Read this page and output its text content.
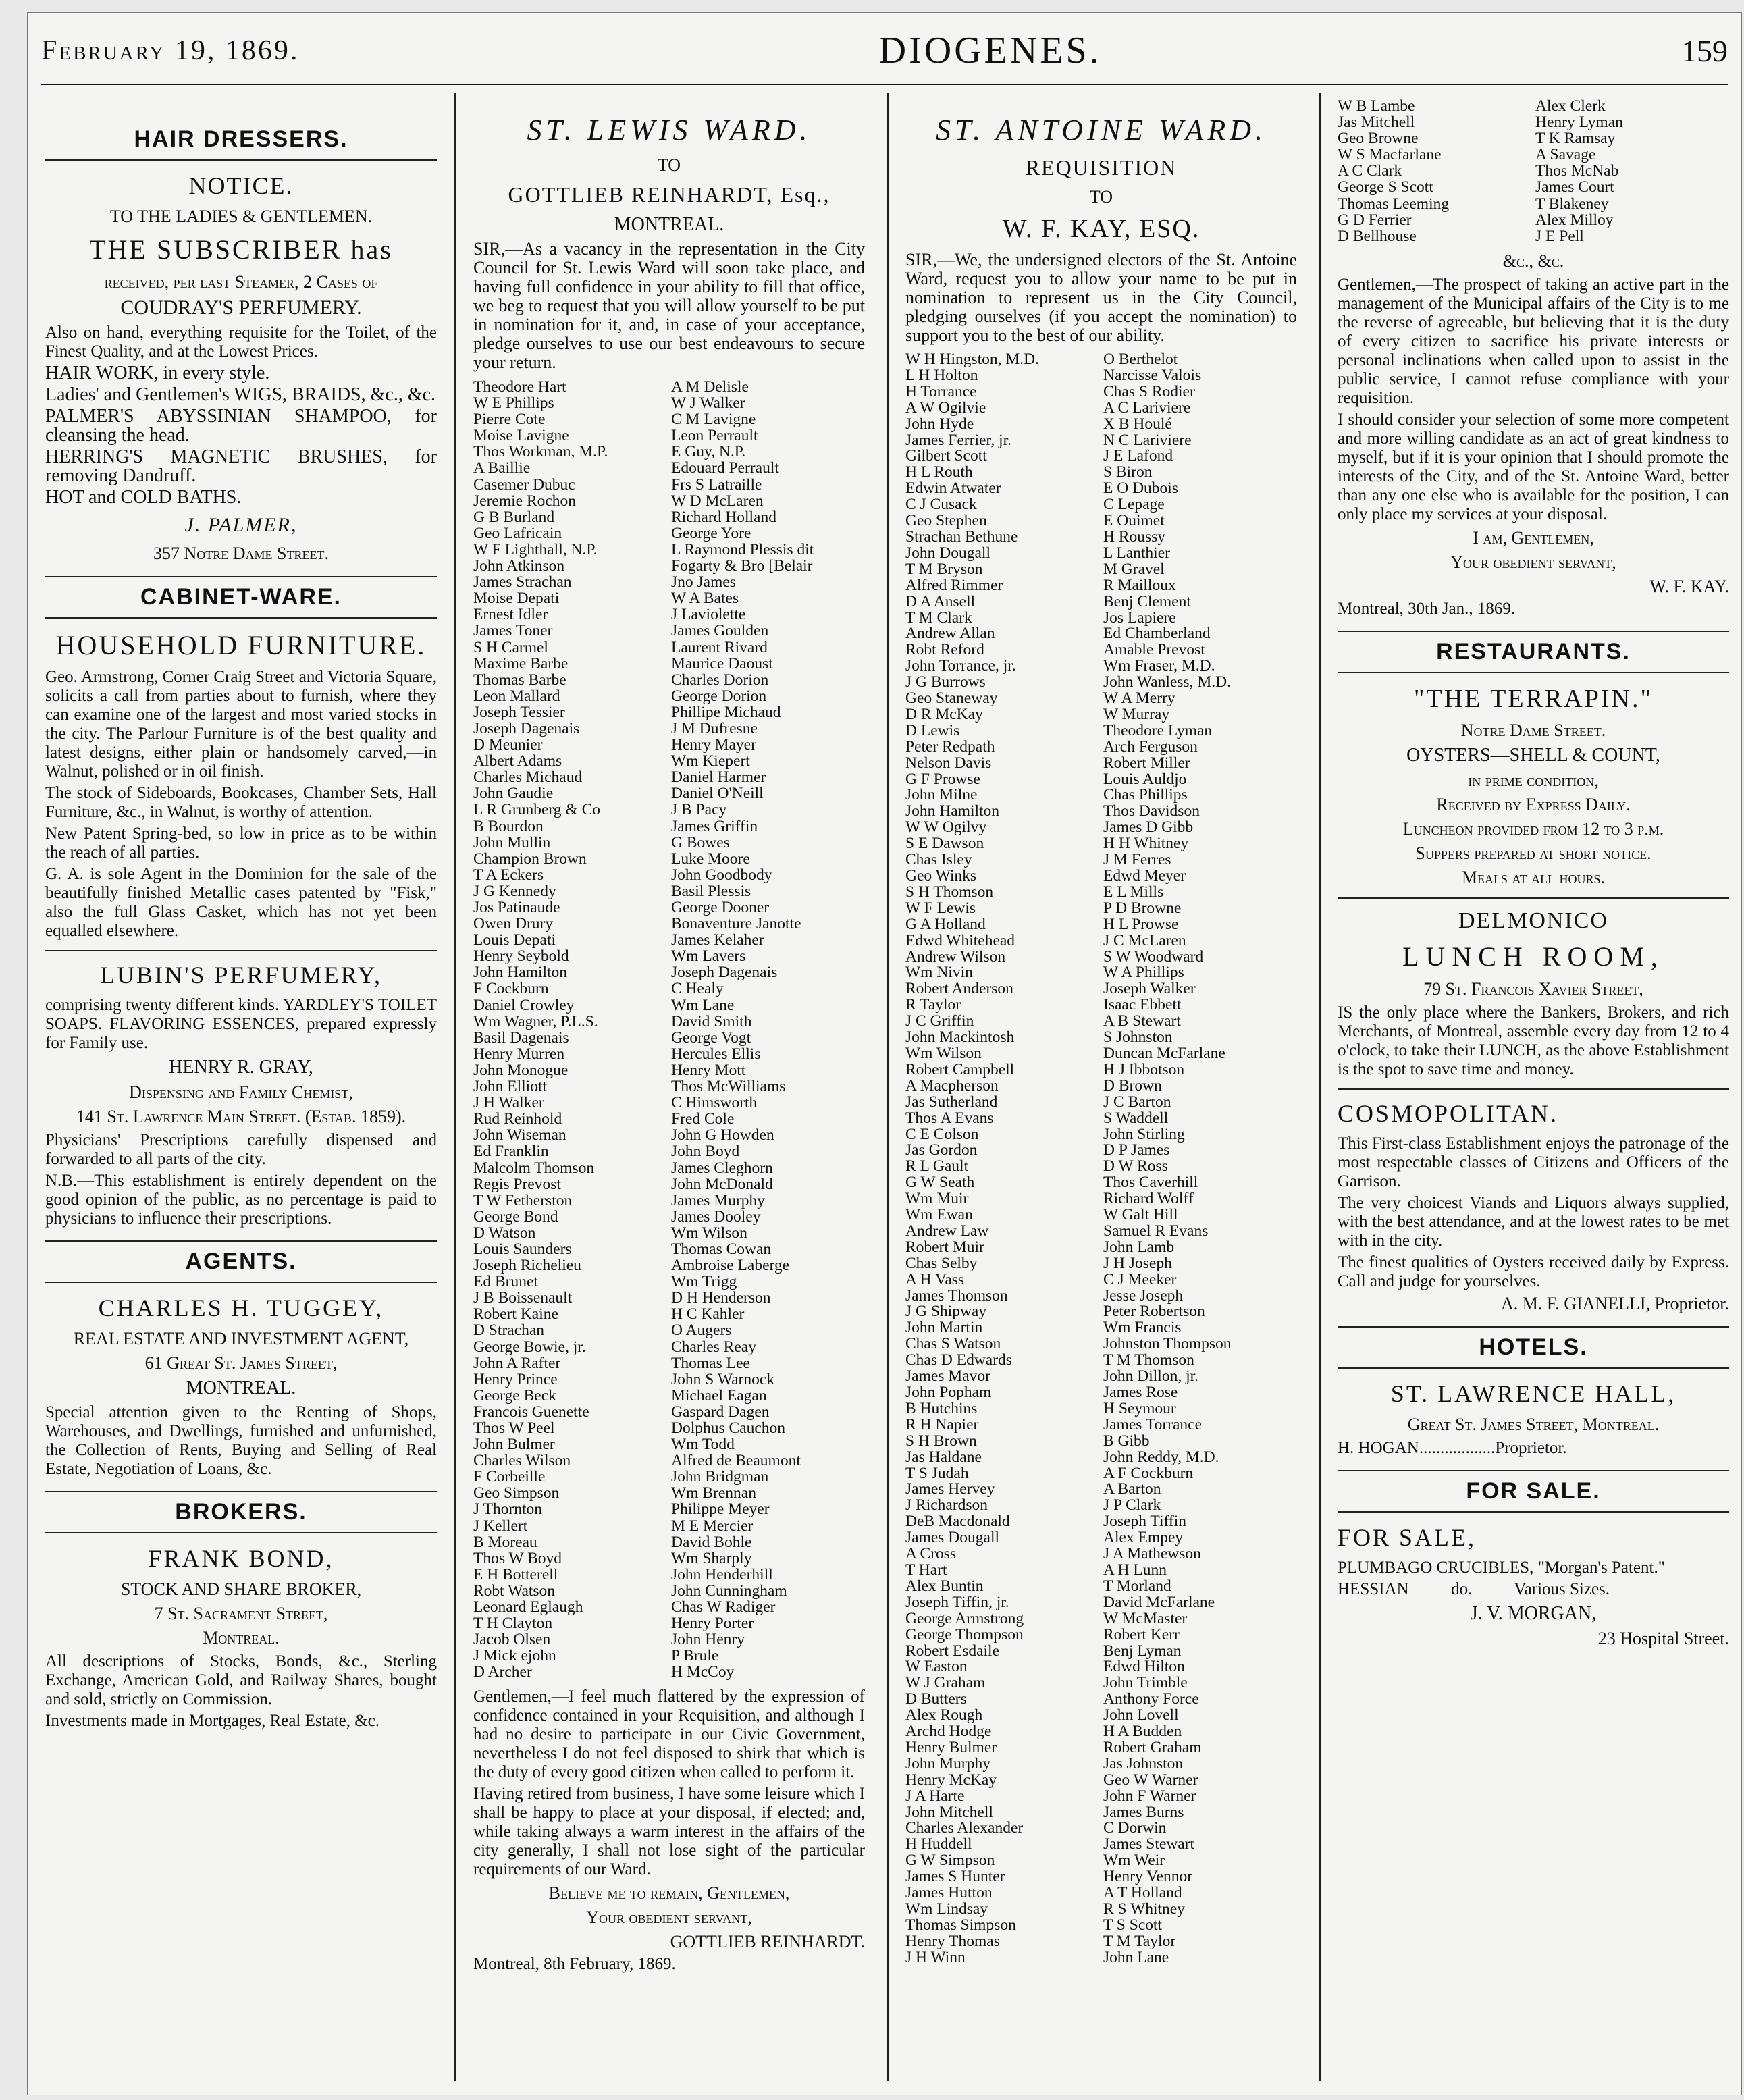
February 19, 1869.	DIOGENES.	159
HAIR DRESSERS.
NOTICE.
TO THE LADIES & GENTLEMEN.
THE SUBSCRIBER has
received, per last Steamer, 2 Cases of
COUDRAY'S PERFUMERY.
Also on hand, everything requisite for the Toilet, of the Finest Quality, and at the Lowest Prices.
HAIR WORK, in every style.
Ladies' and Gentlemen's WIGS, BRAIDS, &c., &c.
PALMER'S ABYSSINIAN SHAMPOO, for cleansing the head.
HERRING'S MAGNETIC BRUSHES, for removing Dandruff.
HOT and COLD BATHS.
J. PALMER,
357 Notre Dame Street.
CABINET-WARE.
HOUSEHOLD FURNITURE.
Geo. Armstrong, Corner Craig Street and Victoria Square, solicits a call from parties about to furnish, where they can examine one of the largest and most varied stocks in the city. The Parlour Furniture is of the best quality and latest designs, either plain or handsomely carved,—in Walnut, polished or in oil finish.
The stock of Sideboards, Bookcases, Chamber Sets, Hall Furniture, &c., in Walnut, is worthy of attention.
New Patent Spring-bed, so low in price as to be within the reach of all parties.
G. A. is sole Agent in the Dominion for the sale of the beautifully finished Metallic cases patented by "Fisk," also the full Glass Casket, which has not yet been equalled elsewhere.
LUBIN'S PERFUMERY,
comprising twenty different kinds. YARDLEY'S TOILET SOAPS. FLAVORING ESSENCES, prepared expressly for Family use.
HENRY R. GRAY,
Dispensing and Family Chemist,
141 St. Lawrence Main Street. (Estab. 1859).
Physicians' Prescriptions carefully dispensed and forwarded to all parts of the city.
N.B.—This establishment is entirely dependent on the good opinion of the public, as no percentage is paid to physicians to influence their prescriptions.
AGENTS.
CHARLES H. TUGGEY,
REAL ESTATE AND INVESTMENT AGENT,
61 Great St. James Street,
MONTREAL.
Special attention given to the Renting of Shops, Warehouses, and Dwellings, furnished and unfurnished, the Collection of Rents, Buying and Selling of Real Estate, Negotiation of Loans, &c.
BROKERS.
FRANK BOND,
STOCK AND SHARE BROKER,
7 St. Sacrament Street,
Montreal.
All descriptions of Stocks, Bonds, &c., Sterling Exchange, American Gold, and Railway Shares, bought and sold, strictly on Commission.
Investments made in Mortgages, Real Estate, &c.
ST. LEWIS WARD.
TO
GOTTLIEB REINHARDT, Esq.,
MONTREAL.
SIR,—As a vacancy in the representation in the City Council for St. Lewis Ward will soon take place, and having full confidence in your ability to fill that office, we beg to request that you will allow yourself to be put in nomination for it, and, in case of your acceptance, pledge ourselves to use our best endeavours to secure your return.
Theodore Hart	A M Delisle
W E Phillips	W J Walker
Pierre Cote	C M Lavigne
Moise Lavigne	Leon Perrault
Thos Workman, M.P.	E Guy, N.P.
A Baillie	Edouard Perrault
Casemer Dubuc	Frs S Latraille
Jeremie Rochon	W D McLaren
G B Burland	Richard Holland
Geo Lafricain	George Yore
W F Lighthall, N.P.	L Raymond Plessis dit
John Atkinson	Fogarty & Bro [Belair
James Strachan	Jno James
Moise Depati	W A Bates
Ernest Idler	J Laviolette
James Toner	James Goulden
S H Carmel	Laurent Rivard
Maxime Barbe	Maurice Daoust
Thomas Barbe	Charles Dorion
Leon Mallard	George Dorion
Joseph Tessier	Phillipe Michaud
Joseph Dagenais	J M Dufresne
D Meunier	Henry Mayer
Albert Adams	Wm Kiepert
Charles Michaud	Daniel Harmer
John Gaudie	Daniel O'Neill
L R Grunberg & Co	J B Pacy
B Bourdon	James Griffin
John Mullin	G Bowes
Champion Brown	Luke Moore
T A Eckers	John Goodbody
J G Kennedy	Basil Plessis
Jos Patinaude	George Dooner
Owen Drury	Bonaventure Janotte
Louis Depati	James Kelaher
Henry Seybold	Wm Lavers
John Hamilton	Joseph Dagenais
F Cockburn	C Healy
Daniel Crowley	Wm Lane
Wm Wagner, P.L.S.	David Smith
Basil Dagenais	George Vogt
Henry Murren	Hercules Ellis
John Monogue	Henry Mott
John Elliott	Thos McWilliams
J H Walker	C Himsworth
Rud Reinhold	Fred Cole
John Wiseman	John G Howden
Ed Franklin	John Boyd
Malcolm Thomson	James Cleghorn
Regis Prevost	John McDonald
T W Fetherston	James Murphy
George Bond	James Dooley
D Watson	Wm Wilson
Louis Saunders	Thomas Cowan
Joseph Richelieu	Ambroise Laberge
Ed Brunet	Wm Trigg
J B Boissenault	D H Henderson
Robert Kaine	H C Kahler
D Strachan	O Augers
George Bowie, jr.	Charles Reay
John A Rafter	Thomas Lee
Henry Prince	John S Warnock
George Beck	Michael Eagan
Francois Guenette	Gaspard Dagen
Thos W Peel	Dolphus Cauchon
John Bulmer	Wm Todd
Charles Wilson	Alfred de Beaumont
F Corbeille	John Bridgman
Geo Simpson	Wm Brennan
J Thornton	Philippe Meyer
J Kellert	M E Mercier
B Moreau	David Bohle
Thos W Boyd	Wm Sharply
E H Botterell	John Henderhill
Robt Watson	John Cunningham
Leonard Eglaugh	Chas W Radiger
T H Clayton	Henry Porter
Jacob Olsen	John Henry
J Mick ejohn	P Brule
D Archer	H McCoy
Gentlemen,—I feel much flattered by the expression of confidence contained in your Requisition, and although I had no desire to participate in our Civic Government, nevertheless I do not feel disposed to shirk that which is the duty of every good citizen when called to perform it.
Having retired from business, I have some leisure which I shall be happy to place at your disposal, if elected; and, while taking always a warm interest in the affairs of the city generally, I shall not lose sight of the particular requirements of our Ward.
Believe me to remain, Gentlemen,
Your obedient servant,
GOTTLIEB REINHARDT.
Montreal, 8th February, 1869.
ST. ANTOINE WARD.
REQUISITION
TO
W. F. KAY, ESQ.
SIR,—We, the undersigned electors of the St. Antoine Ward, request you to allow your name to be put in nomination to represent us in the City Council, pledging ourselves (if you accept the nomination) to support you to the best of our ability.
W H Hingston, M.D.	O Berthelot
L H Holton	Narcisse Valois
H Torrance	Chas S Rodier
A W Ogilvie	A C Lariviere
John Hyde	X B Houlé
James Ferrier, jr.	N C Lariviere
Gilbert Scott	J E Lafond
H L Routh	S Biron
Edwin Atwater	E O Dubois
C J Cusack	C Lepage
Geo Stephen	E Ouimet
Strachan Bethune	H Roussy
John Dougall	L Lanthier
T M Bryson	M Gravel
Alfred Rimmer	R Mailloux
D A Ansell	Benj Clement
T M Clark	Jos Lapiere
Andrew Allan	Ed Chamberland
Robt Reford	Amable Prevost
John Torrance, jr.	Wm Fraser, M.D.
J G Burrows	John Wanless, M.D.
Geo Staneway	W A Merry
D R McKay	W Murray
D Lewis	Theodore Lyman
Peter Redpath	Arch Ferguson
Nelson Davis	Robert Miller
G F Prowse	Louis Auldjo
John Milne	Chas Phillips
John Hamilton	Thos Davidson
W W Ogilvy	James D Gibb
S E Dawson	H H Whitney
Chas Isley	J M Ferres
Geo Winks	Edwd Meyer
S H Thomson	E L Mills
W F Lewis	P D Browne
G A Holland	H L Prowse
Edwd Whitehead	J C McLaren
Andrew Wilson	S W Woodward
Wm Nivin	W A Phillips
Robert Anderson	Joseph Walker
R Taylor	Isaac Ebbett
J C Griffin	A B Stewart
John Mackintosh	S Johnston
Wm Wilson	Duncan McFarlane
Robert Campbell	H J Ibbotson
A Macpherson	D Brown
Jas Sutherland	J C Barton
Thos A Evans	S Waddell
C E Colson	John Stirling
Jas Gordon	D P James
R L Gault	D W Ross
G W Seath	Thos Caverhill
Wm Muir	Richard Wolff
Wm Ewan	W Galt Hill
Andrew Law	Samuel R Evans
Robert Muir	John Lamb
Chas Selby	J H Joseph
A H Vass	C J Meeker
James Thomson	Jesse Joseph
J G Shipway	Peter Robertson
John Martin	Wm Francis
Chas S Watson	Johnston Thompson
Chas D Edwards	T M Thomson
James Mavor	John Dillon, jr.
John Popham	James Rose
B Hutchins	H Seymour
R H Napier	James Torrance
S H Brown	B Gibb
Jas Haldane	John Reddy, M.D.
T S Judah	A F Cockburn
James Hervey	A Barton
J Richardson	J P Clark
DeB Macdonald	Joseph Tiffin
James Dougall	Alex Empey
A Cross	J A Mathewson
T Hart	A H Lunn
Alex Buntin	T Morland
Joseph Tiffin, jr.	David McFarlane
George Armstrong	W McMaster
George Thompson	Robert Kerr
Robert Esdaile	Benj Lyman
W Easton	Edwd Hilton
W J Graham	John Trimble
D Butters	Anthony Force
Alex Rough	John Lovell
Archd Hodge	H A Budden
Henry Bulmer	Robert Graham
John Murphy	Jas Johnston
Henry McKay	Geo W Warner
J A Harte	John F Warner
John Mitchell	James Burns
Charles Alexander	C Dorwin
H Huddell	James Stewart
G W Simpson	Wm Weir
James S Hunter	Henry Vennor
James Hutton	A T Holland
Wm Lindsay	R S Whitney
Thomas Simpson	T S Scott
Henry Thomas	T M Taylor
J H Winn	John Lane
W B Lambe	Alex Clerk
Jas Mitchell	Henry Lyman
Geo Browne	T K Ramsay
W S Macfarlane	A Savage
A C Clark	Thos McNab
George S Scott	James Court
Thomas Leeming	T Blakeney
G D Ferrier	Alex Milloy
D Bellhouse	J E Pell
&c., &c.
Gentlemen,—The prospect of taking an active part in the management of the Municipal affairs of the City is to me the reverse of agreeable, but believing that it is the duty of every citizen to sacrifice his private interests or personal inclinations when called upon to assist in the public service, I cannot refuse compliance with your requisition.
I should consider your selection of some more competent and more willing candidate as an act of great kindness to myself, but if it is your opinion that I should promote the interests of the City, and of the St. Antoine Ward, better than any one else who is available for the position, I can only place my services at your disposal.
I am, Gentlemen,
Your obedient servant,
W. F. KAY.
Montreal, 30th Jan., 1869.
RESTAURANTS.
"THE TERRAPIN."
Notre Dame Street.
OYSTERS—SHELL & COUNT,
in prime condition,
Received by Express Daily.
Luncheon provided from 12 to 3 p.m.
Suppers prepared at short notice.
Meals at all hours.
DELMONICO
LUNCH ROOM,
79 St. Francois Xavier Street,
IS the only place where the Bankers, Brokers, and rich Merchants, of Montreal, assemble every day from 12 to 4 o'clock, to take their LUNCH, as the above Establishment is the spot to save time and money.
COSMOPOLITAN.
This First-class Establishment enjoys the patronage of the most respectable classes of Citizens and Officers of the Garrison.
The very choicest Viands and Liquors always supplied, with the best attendance, and at the lowest rates to be met with in the city.
The finest qualities of Oysters received daily by Express. Call and judge for yourselves.
A. M. F. GIANELLI, Proprietor.
HOTELS.
ST. LAWRENCE HALL,
Great St. James Street, Montreal.
H. HOGAN..................Proprietor.
FOR SALE.
FOR SALE,
PLUMBAGO CRUCIBLES, "Morgan's Patent."
HESSIAN          do.          Various Sizes.
J. V. MORGAN,
23 Hospital Street.
